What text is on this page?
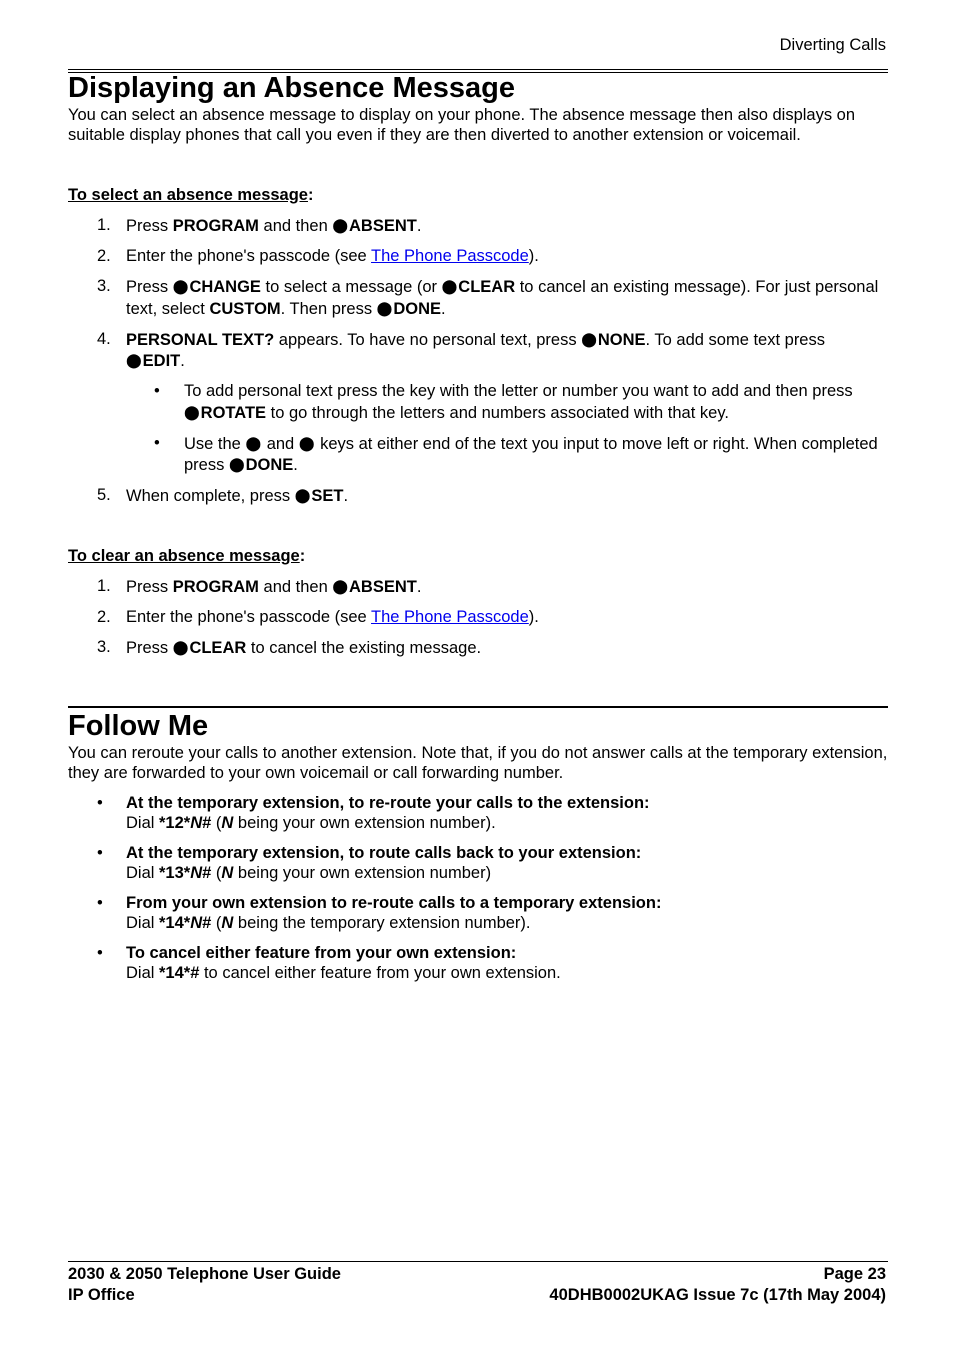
Diverting Calls
Displaying an Absence Message

You can select an absence message to display on your phone. The absence message then also displays on suitable display phones that call you even if they are then diverted to another extension or voicemail.

To select an absence message:

1. Press PROGRAM and then ⬤ABSENT.
2. Enter the phone's passcode (see The Phone Passcode).
3. Press ⬤CHANGE to select a message (or ⬤CLEAR to cancel an existing message). For just personal text, select CUSTOM. Then press ⬤DONE.
4. PERSONAL TEXT? appears. To have no personal text, press ⬤NONE. To add some text press ⬤EDIT.
• To add personal text press the key with the letter or number you want to add and then press ⬤ROTATE to go through the letters and numbers associated with that key.
• Use the ⬤ and ⬤ keys at either end of the text you input to move left or right. When completed press ⬤DONE.
5. When complete, press ⬤SET.

To clear an absence message:

1. Press PROGRAM and then ⬤ABSENT.
2. Enter the phone's passcode (see The Phone Passcode).
3. Press ⬤CLEAR to cancel the existing message.
Follow Me

You can reroute your calls to another extension. Note that, if you do not answer calls at the temporary extension, they are forwarded to your own voicemail or call forwarding number.

• At the temporary extension, to re-route your calls to the extension:
Dial *12*N# (N being your own extension number).
• At the temporary extension, to route calls back to your extension:
Dial *13*N# (N being your own extension number)
• From your own extension to re-route calls to a temporary extension:
Dial *14*N# (N being the temporary extension number).
• To cancel either feature from your own extension:
Dial *14*# to cancel either feature from your own extension.
2030 & 2050 Telephone User Guide	Page 23
IP Office	40DHB0002UKAG Issue 7c (17th May 2004)
